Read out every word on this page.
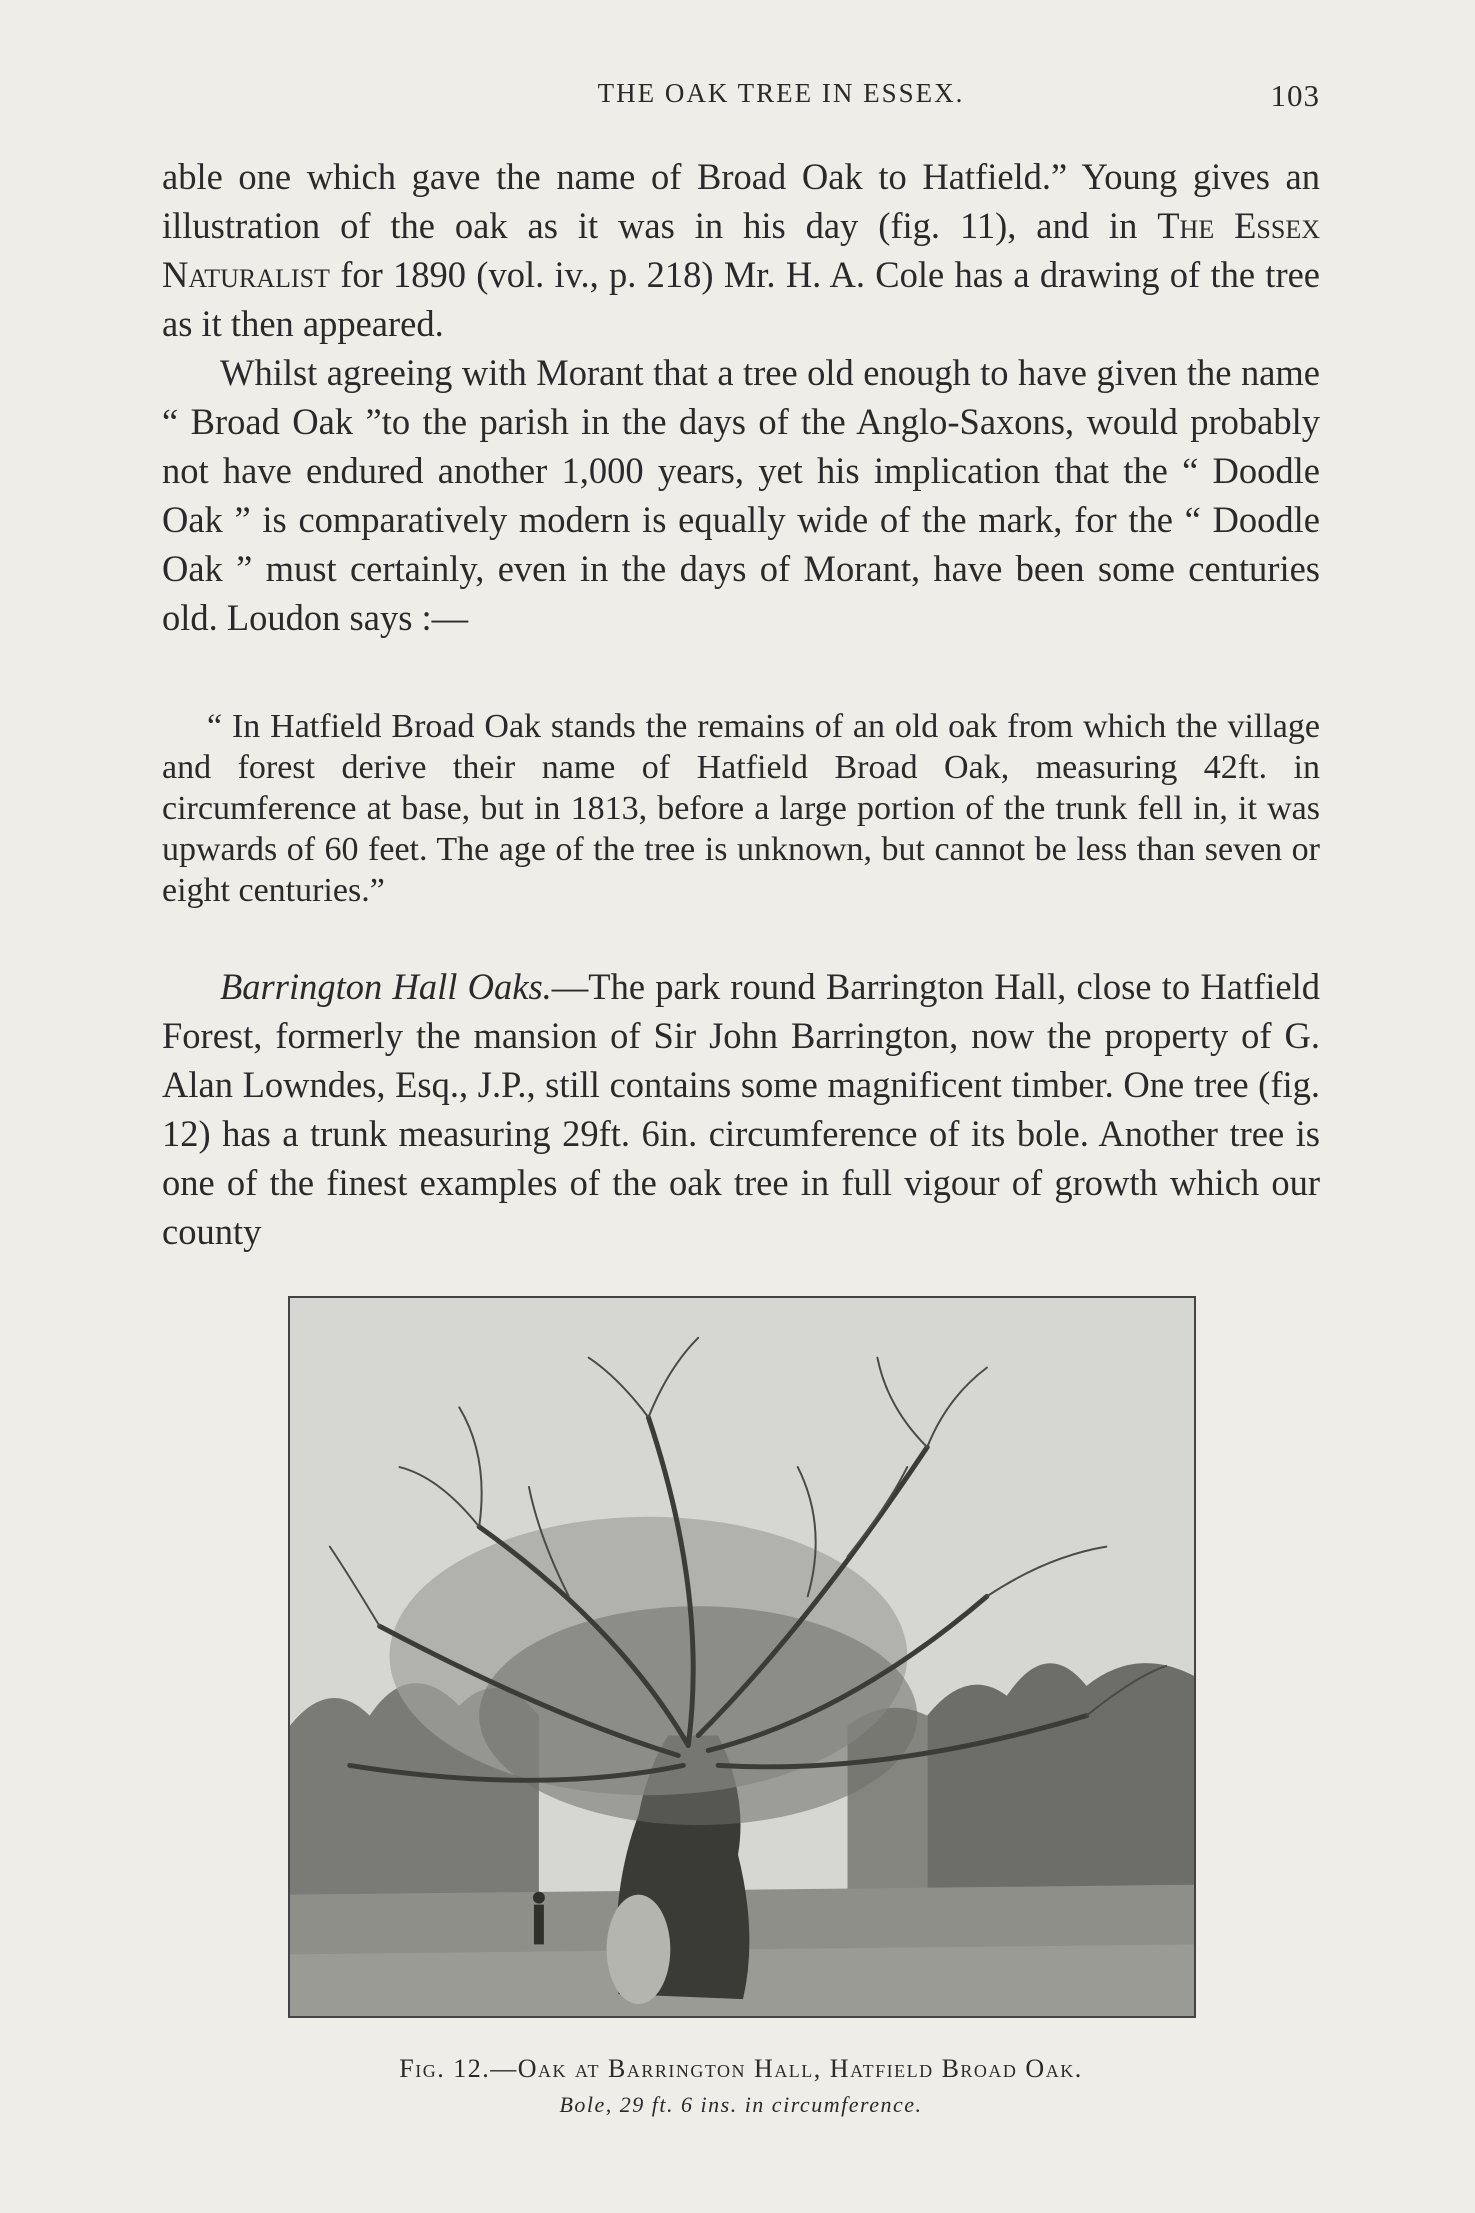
THE OAK TREE IN ESSEX.	103

able one which gave the name of Broad Oak to Hatfield.” Young gives an illustration of the oak as it was in his day (fig. 11), and in The Essex Naturalist for 1890 (vol. iv., p. 218) Mr. H. A. Cole has a drawing of the tree as it then appeared.

Whilst agreeing with Morant that a tree old enough to have given the name “ Broad Oak ”to the parish in the days of the Anglo-Saxons, would probably not have endured another 1,000 years, yet his implication that the “ Doodle Oak ” is comparatively modern is equally wide of the mark, for the “ Doodle Oak ” must certainly, even in the days of Morant, have been some centuries old. Loudon says :—

“ In Hatfield Broad Oak stands the remains of an old oak from which the village and forest derive their name of Hatfield Broad Oak, measuring 42ft. in circumference at base, but in 1813, before a large portion of the trunk fell in, it was upwards of 60 feet. The age of the tree is unknown, but cannot be less than seven or eight centuries.”

Barrington Hall Oaks.—The park round Barrington Hall, close to Hatfield Forest, formerly the mansion of Sir John Barrington, now the property of G. Alan Lowndes, Esq., J.P., still contains some magnificent timber. One tree (fig. 12) has a trunk measuring 29ft. 6in. circumference of its bole. Another tree is one of the finest examples of the oak tree in full vigour of growth which our county

Fig. 12.—Oak at Barrington Hall, Hatfield Broad Oak.
Bole, 29 ft. 6 ins. in circumference.
